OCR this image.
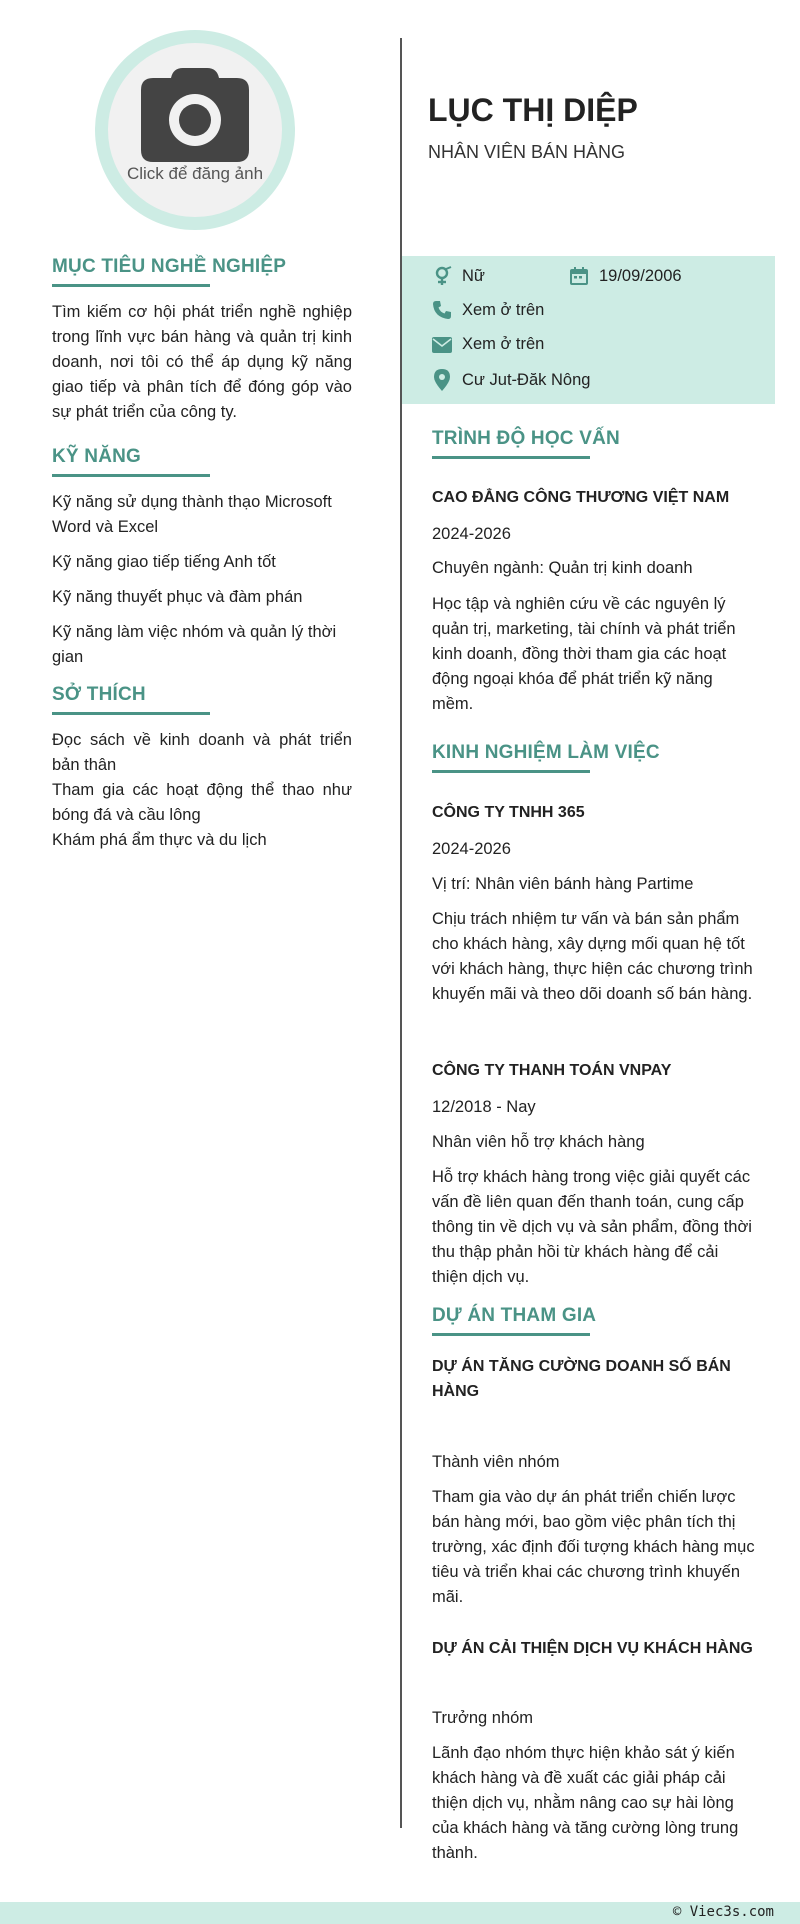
Click để đăng ảnh
MỤC TIÊU NGHỀ NGHIỆP
Tìm kiếm cơ hội phát triển nghề nghiệp trong lĩnh vực bán hàng và quản trị kinh doanh, nơi tôi có thể áp dụng kỹ năng giao tiếp và phân tích để đóng góp vào sự phát triển của công ty.
KỸ NĂNG

Kỹ năng sử dụng thành thạo Microsoft Word và Excel

Kỹ năng giao tiếp tiếng Anh tốt

Kỹ năng thuyết phục và đàm phán

Kỹ năng làm việc nhóm và quản lý thời gian

SỞ THÍCH

Đọc sách về kinh doanh và phát triển bản thân

Tham gia các hoạt động thể thao như bóng đá và cầu lông

Khám phá ẩm thực và du lịch

LỤC THỊ DIỆP
NHÂN VIÊN BÁN HÀNG
Nữ	19/09/2006
Xem ở trên
Xem ở trên
Cư Jut-Đăk Nông
TRÌNH ĐỘ HỌC VẤN
CAO ĐẲNG CÔNG THƯƠNG VIỆT NAM
2024-2026
Chuyên ngành: Quản trị kinh doanh
Học tập và nghiên cứu về các nguyên lý quản trị, marketing, tài chính và phát triển kinh doanh, đồng thời tham gia các hoạt động ngoại khóa để phát triển kỹ năng mềm.
KINH NGHIỆM LÀM VIỆC
CÔNG TY TNHH 365
2024-2026
Vị trí: Nhân viên bánh hàng Partime
Chịu trách nhiệm tư vấn và bán sản phẩm cho khách hàng, xây dựng mối quan hệ tốt với khách hàng, thực hiện các chương trình khuyến mãi và theo dõi doanh số bán hàng.
CÔNG TY THANH TOÁN VNPAY
12/2018 - Nay
Nhân viên hỗ trợ khách hàng
Hỗ trợ khách hàng trong việc giải quyết các vấn đề liên quan đến thanh toán, cung cấp thông tin về dịch vụ và sản phẩm, đồng thời thu thập phản hồi từ khách hàng để cải thiện dịch vụ.
DỰ ÁN THAM GIA
DỰ ÁN TĂNG CƯỜNG DOANH SỐ BÁN HÀNG
Thành viên nhóm
Tham gia vào dự án phát triển chiến lược bán hàng mới, bao gồm việc phân tích thị trường, xác định đối tượng khách hàng mục tiêu và triển khai các chương trình khuyến mãi.
DỰ ÁN CẢI THIỆN DỊCH VỤ KHÁCH HÀNG
Trưởng nhóm
Lãnh đạo nhóm thực hiện khảo sát ý kiến khách hàng và đề xuất các giải pháp cải thiện dịch vụ, nhằm nâng cao sự hài lòng của khách hàng và tăng cường lòng trung thành.
© Viec3s.com
